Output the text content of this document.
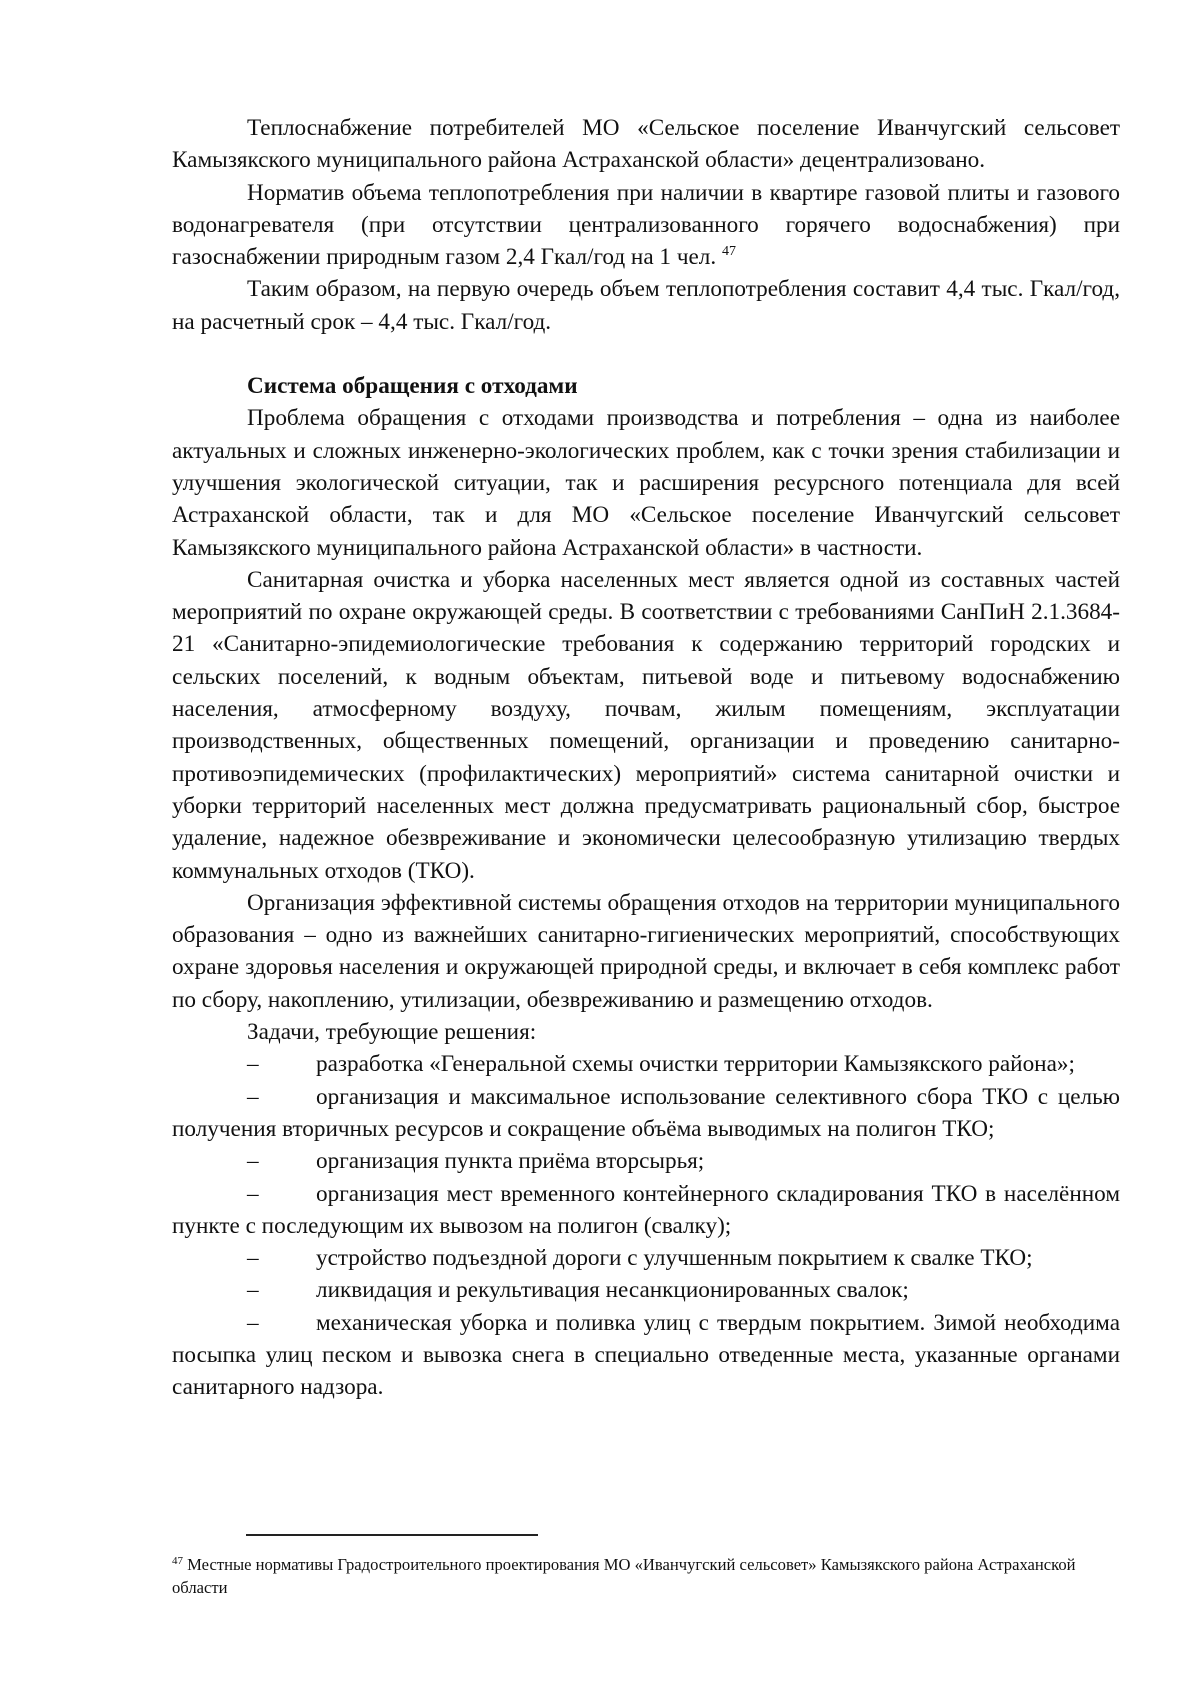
Теплоснабжение потребителей МО «Сельское поселение Иванчугский сельсовет Камызякского муниципального района Астраханской области» децентрализовано.

Норматив объема теплопотребления при наличии в квартире газовой плиты и газового водонагревателя (при отсутствии централизованного горячего водоснабжения) при газоснабжении природным газом 2,4 Гкал/год на 1 чел. $^{47}$

Таким образом, на первую очередь объем теплопотребления составит 4,4 тыс. Гкал/год, на расчетный срок – 4,4 тыс. Гкал/год.

Система обращения с отходами

Проблема обращения с отходами производства и потребления – одна из наиболее актуальных и сложных инженерно-экологических проблем, как с точки зрения стабилизации и улучшения экологической ситуации, так и расширения ресурсного потенциала для всей Астраханской области, так и для МО «Сельское поселение Иванчугский сельсовет Камызякского муниципального района Астраханской области» в частности.

Санитарная очистка и уборка населенных мест является одной из составных частей мероприятий по охране окружающей среды. В соответствии с требованиями СанПиН 2.1.3684-21 «Санитарно-эпидемиологические требования к содержанию территорий городских и сельских поселений, к водным объектам, питьевой воде и питьевому водоснабжению населения, атмосферному воздуху, почвам, жилым помещениям, эксплуатации производственных, общественных помещений, организации и проведению санитарно-противоэпидемических (профилактических) мероприятий» система санитарной очистки и уборки территорий населенных мест должна предусматривать рациональный сбор, быстрое удаление, надежное обезвреживание и экономически целесообразную утилизацию твердых коммунальных отходов (ТКО).

Организация эффективной системы обращения отходов на территории муниципального образования – одно из важнейших санитарно-гигиенических мероприятий, способствующих охране здоровья населения и окружающей природной среды, и включает в себя комплекс работ по сбору, накоплению, утилизации, обезвреживанию и размещению отходов.

Задачи, требующие решения:

– разработка «Генеральной схемы очистки территории Камызякского района»;

– организация и максимальное использование селективного сбора ТКО с целью получения вторичных ресурсов и сокращение объёма выводимых на полигон ТКО;

– организация пункта приёма вторсырья;

– организация мест временного контейнерного складирования ТКО в населённом пункте с последующим их вывозом на полигон (свалку);

– устройство подъездной дороги с улучшенным покрытием к свалке ТКО;

– ликвидация и рекультивация несанкционированных свалок;

– механическая уборка и поливка улиц с твердым покрытием. Зимой необходима посыпка улиц песком и вывозка снега в специально отведенные места, указанные органами санитарного надзора.

$^{47}$ Местные нормативы Градостроительного проектирования МО «Иванчугский сельсовет» Камызякского района Астраханской области
